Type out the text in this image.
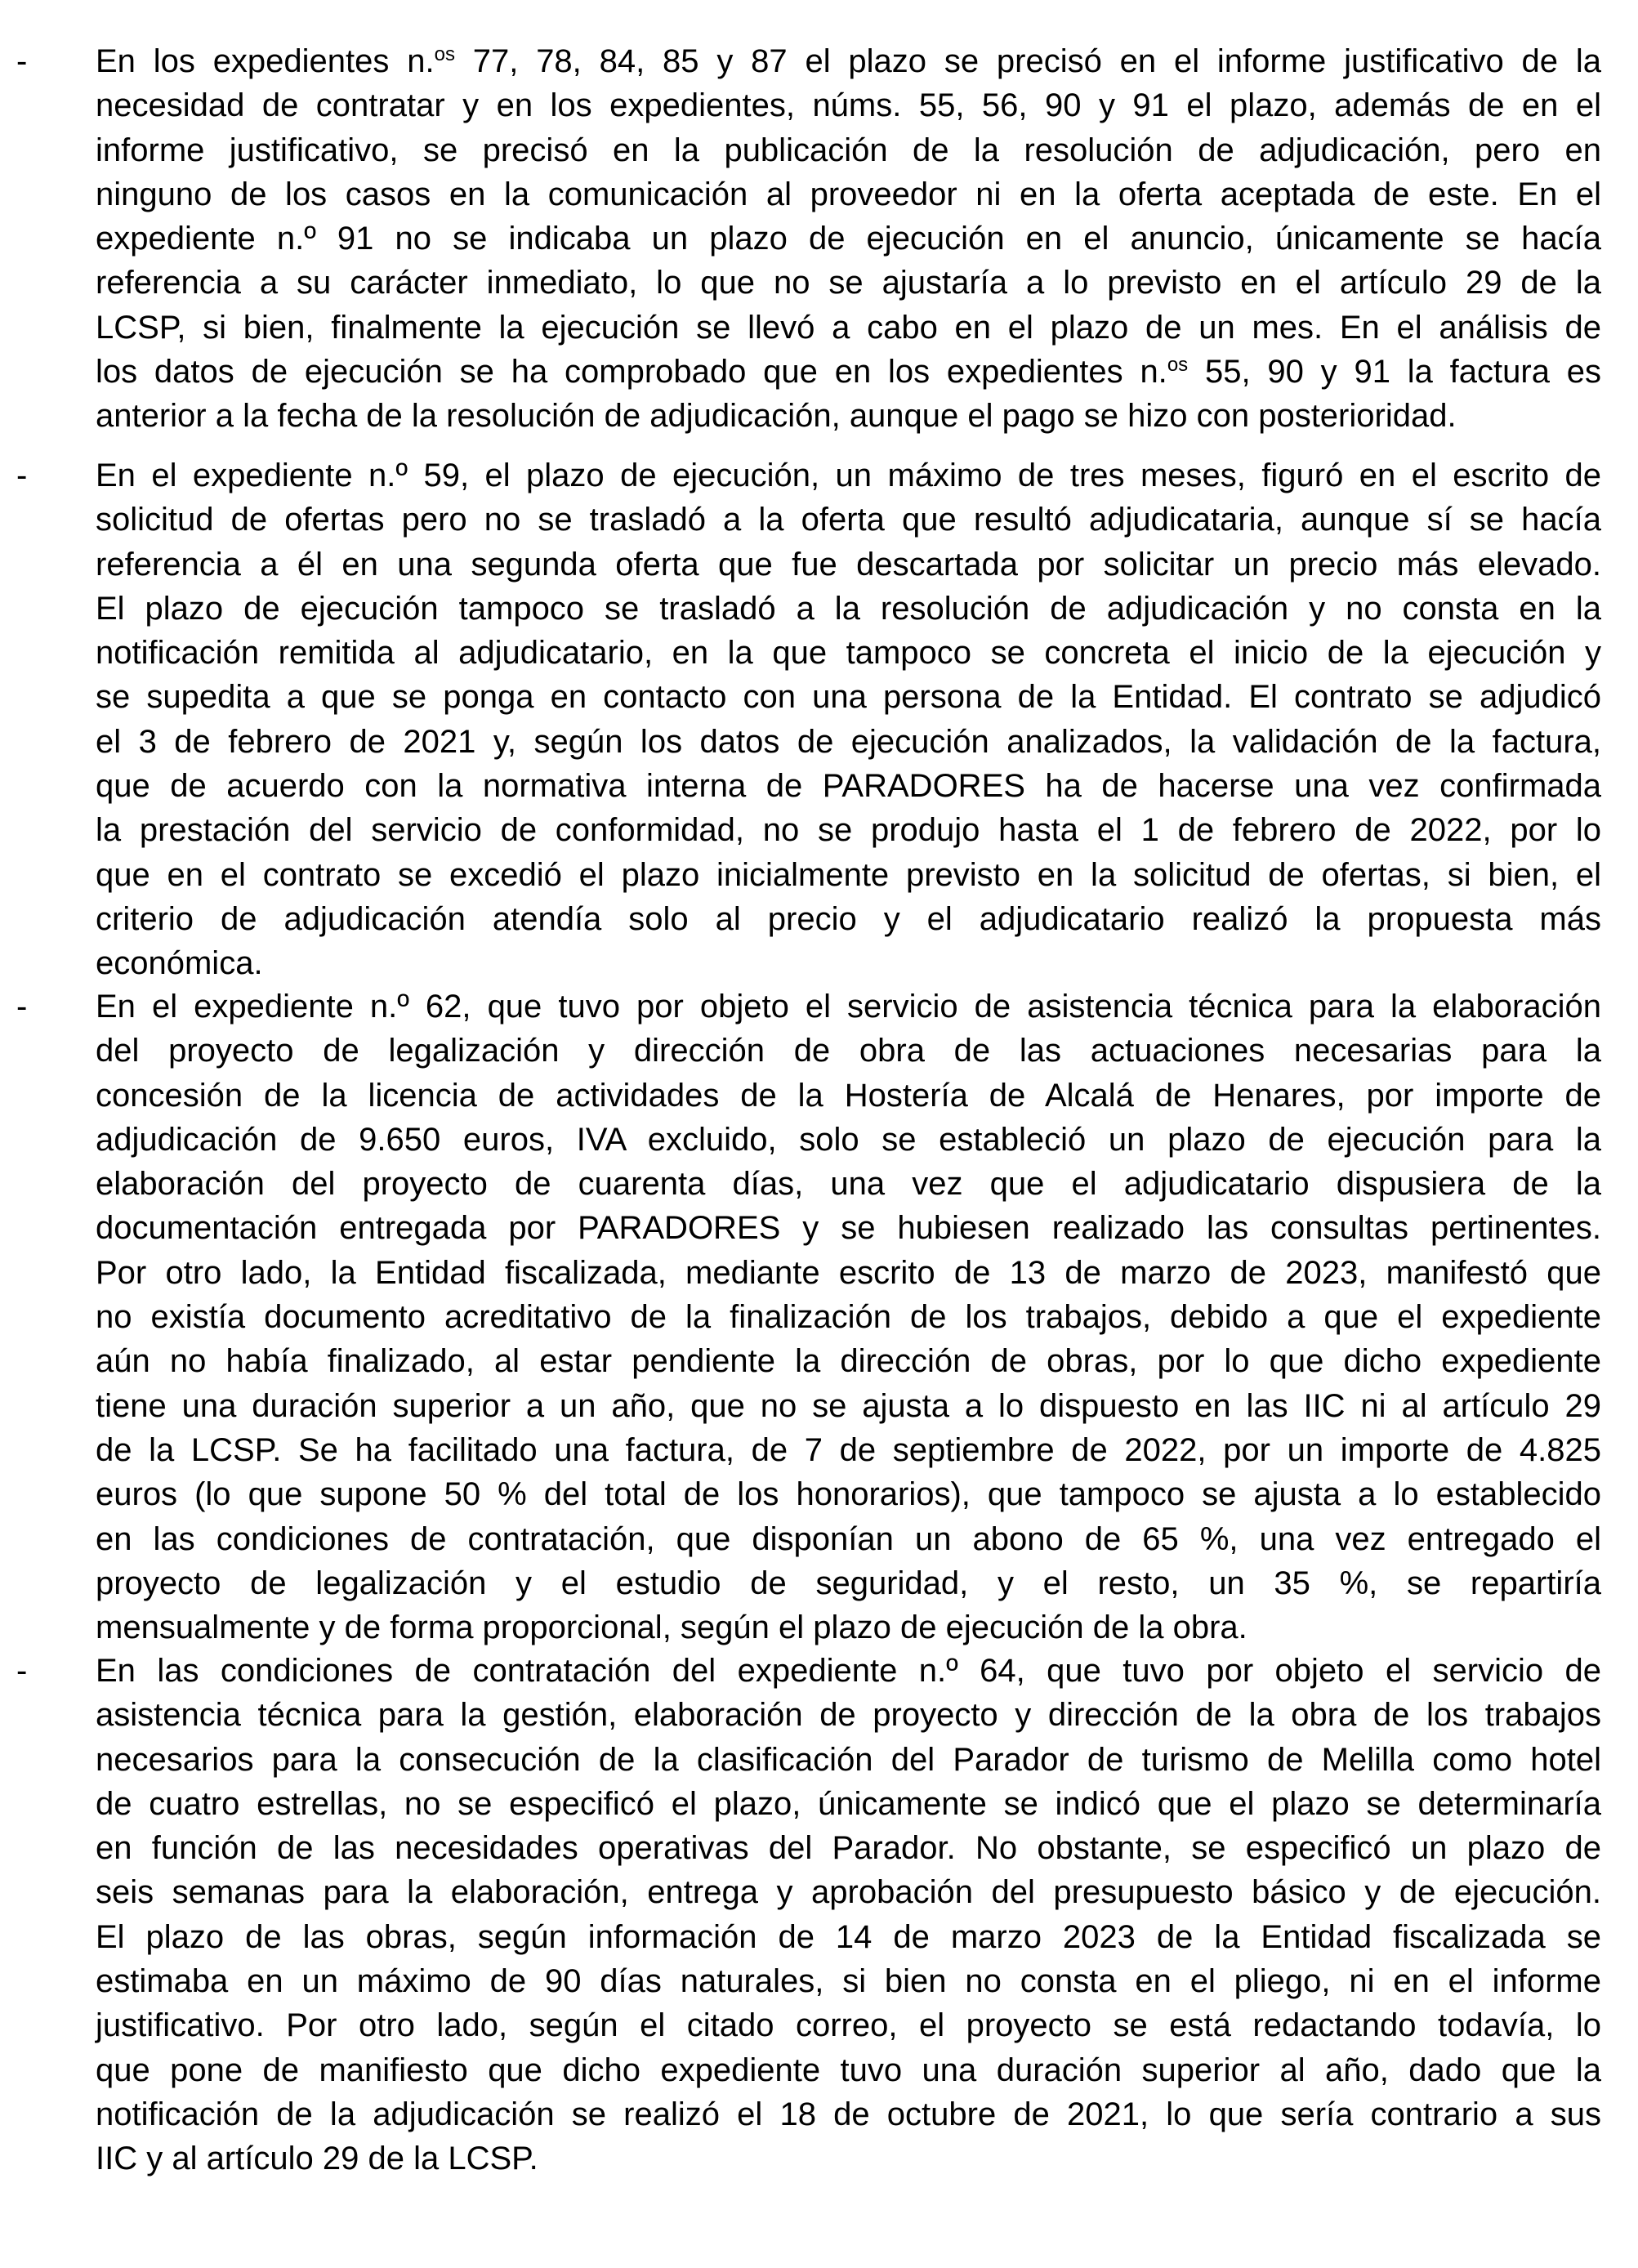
- En los expedientes n.$^{os}$ 77, 78, 84, 85 y 87 el plazo se precisó en el informe justificativo de la
necesidad de contratar y en los expedientes, núms. 55, 56, 90 y 91 el plazo, además de en el
informe justificativo, se precisó en la publicación de la resolución de adjudicación, pero en
ninguno de los casos en la comunicación al proveedor ni en la oferta aceptada de este. En el
expediente n.º 91 no se indicaba un plazo de ejecución en el anuncio, únicamente se hacía
referencia a su carácter inmediato, lo que no se ajustaría a lo previsto en el artículo 29 de la
LCSP, si bien, finalmente la ejecución se llevó a cabo en el plazo de un mes. En el análisis de
los datos de ejecución se ha comprobado que en los expedientes n.$^{os}$ 55, 90 y 91 la factura es
anterior a la fecha de la resolución de adjudicación, aunque el pago se hizo con posterioridad.
- En el expediente n.º 59, el plazo de ejecución, un máximo de tres meses, figuró en el escrito de
solicitud de ofertas pero no se trasladó a la oferta que resultó adjudicataria, aunque sí se hacía
referencia a él en una segunda oferta que fue descartada por solicitar un precio más elevado.
El plazo de ejecución tampoco se trasladó a la resolución de adjudicación y no consta en la
notificación remitida al adjudicatario, en la que tampoco se concreta el inicio de la ejecución y
se supedita a que se ponga en contacto con una persona de la Entidad. El contrato se adjudicó
el 3 de febrero de 2021 y, según los datos de ejecución analizados, la validación de la factura,
que de acuerdo con la normativa interna de PARADORES ha de hacerse una vez confirmada
la prestación del servicio de conformidad, no se produjo hasta el 1 de febrero de 2022, por lo
que en el contrato se excedió el plazo inicialmente previsto en la solicitud de ofertas, si bien, el
criterio de adjudicación atendía solo al precio y el adjudicatario realizó la propuesta más
económica.
- En el expediente n.º 62, que tuvo por objeto el servicio de asistencia técnica para la elaboración
del proyecto de legalización y dirección de obra de las actuaciones necesarias para la
concesión de la licencia de actividades de la Hostería de Alcalá de Henares, por importe de
adjudicación de 9.650 euros, IVA excluido, solo se estableció un plazo de ejecución para la
elaboración del proyecto de cuarenta días, una vez que el adjudicatario dispusiera de la
documentación entregada por PARADORES y se hubiesen realizado las consultas pertinentes.
Por otro lado, la Entidad fiscalizada, mediante escrito de 13 de marzo de 2023, manifestó que
no existía documento acreditativo de la finalización de los trabajos, debido a que el expediente
aún no había finalizado, al estar pendiente la dirección de obras, por lo que dicho expediente
tiene una duración superior a un año, que no se ajusta a lo dispuesto en las IIC ni al artículo 29
de la LCSP. Se ha facilitado una factura, de 7 de septiembre de 2022, por un importe de 4.825
euros (lo que supone 50 % del total de los honorarios), que tampoco se ajusta a lo establecido
en las condiciones de contratación, que disponían un abono de 65 %, una vez entregado el
proyecto de legalización y el estudio de seguridad, y el resto, un 35 %, se repartiría
mensualmente y de forma proporcional, según el plazo de ejecución de la obra.
- En las condiciones de contratación del expediente n.º 64, que tuvo por objeto el servicio de
asistencia técnica para la gestión, elaboración de proyecto y dirección de la obra de los trabajos
necesarios para la consecución de la clasificación del Parador de turismo de Melilla como hotel
de cuatro estrellas, no se especificó el plazo, únicamente se indicó que el plazo se determinaría
en función de las necesidades operativas del Parador. No obstante, se especificó un plazo de
seis semanas para la elaboración, entrega y aprobación del presupuesto básico y de ejecución.
El plazo de las obras, según información de 14 de marzo 2023 de la Entidad fiscalizada se
estimaba en un máximo de 90 días naturales, si bien no consta en el pliego, ni en el informe
justificativo. Por otro lado, según el citado correo, el proyecto se está redactando todavía, lo
que pone de manifiesto que dicho expediente tuvo una duración superior al año, dado que la
notificación de la adjudicación se realizó el 18 de octubre de 2021, lo que sería contrario a sus
IIC y al artículo 29 de la LCSP.
